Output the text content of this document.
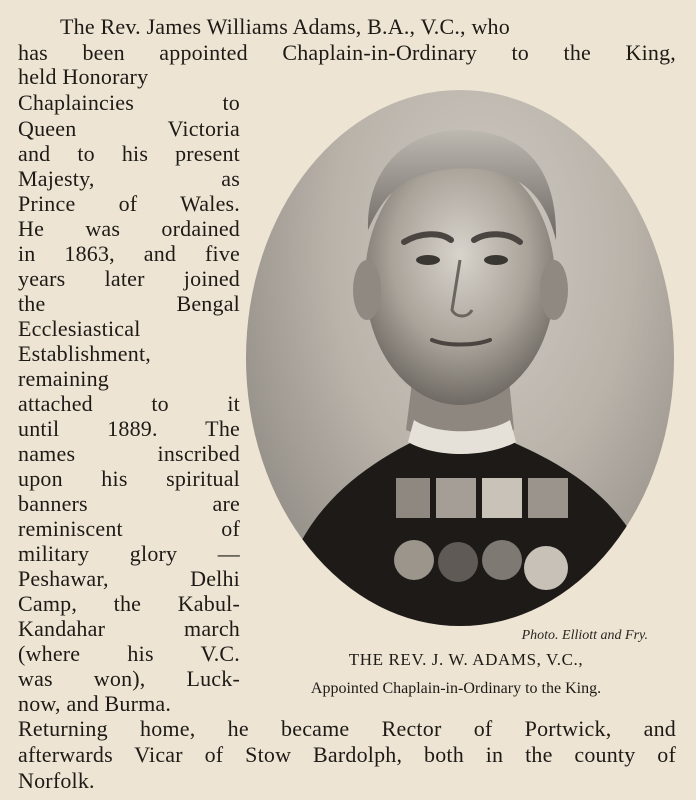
The Rev. James Williams Adams, B.A., V.C., who
has been appointed Chaplain-in-Ordinary to the King,
held Honorary
Chaplaincies to
Queen Victoria
and to his present
Majesty, as
Prince of Wales.
He was ordained
in 1863, and five
years later joined
the Bengal
Ecclesiastical
Establishment,
remaining
attached to it
until 1889. The
names inscribed
upon his spiritual
banners are
reminiscent of
military glory —
Peshawar, Delhi
Camp, the Kabul-
Kandahar march
(where his V.C.
was won), Luck-
now, and Burma.
Photo. Elliott and Fry.
THE REV. J. W. ADAMS, V.C.,
Appointed Chaplain-in-Ordinary to the King.
Returning home, he became Rector of Portwick, and
afterwards Vicar of Stow Bardolph, both in the county of
Norfolk.
